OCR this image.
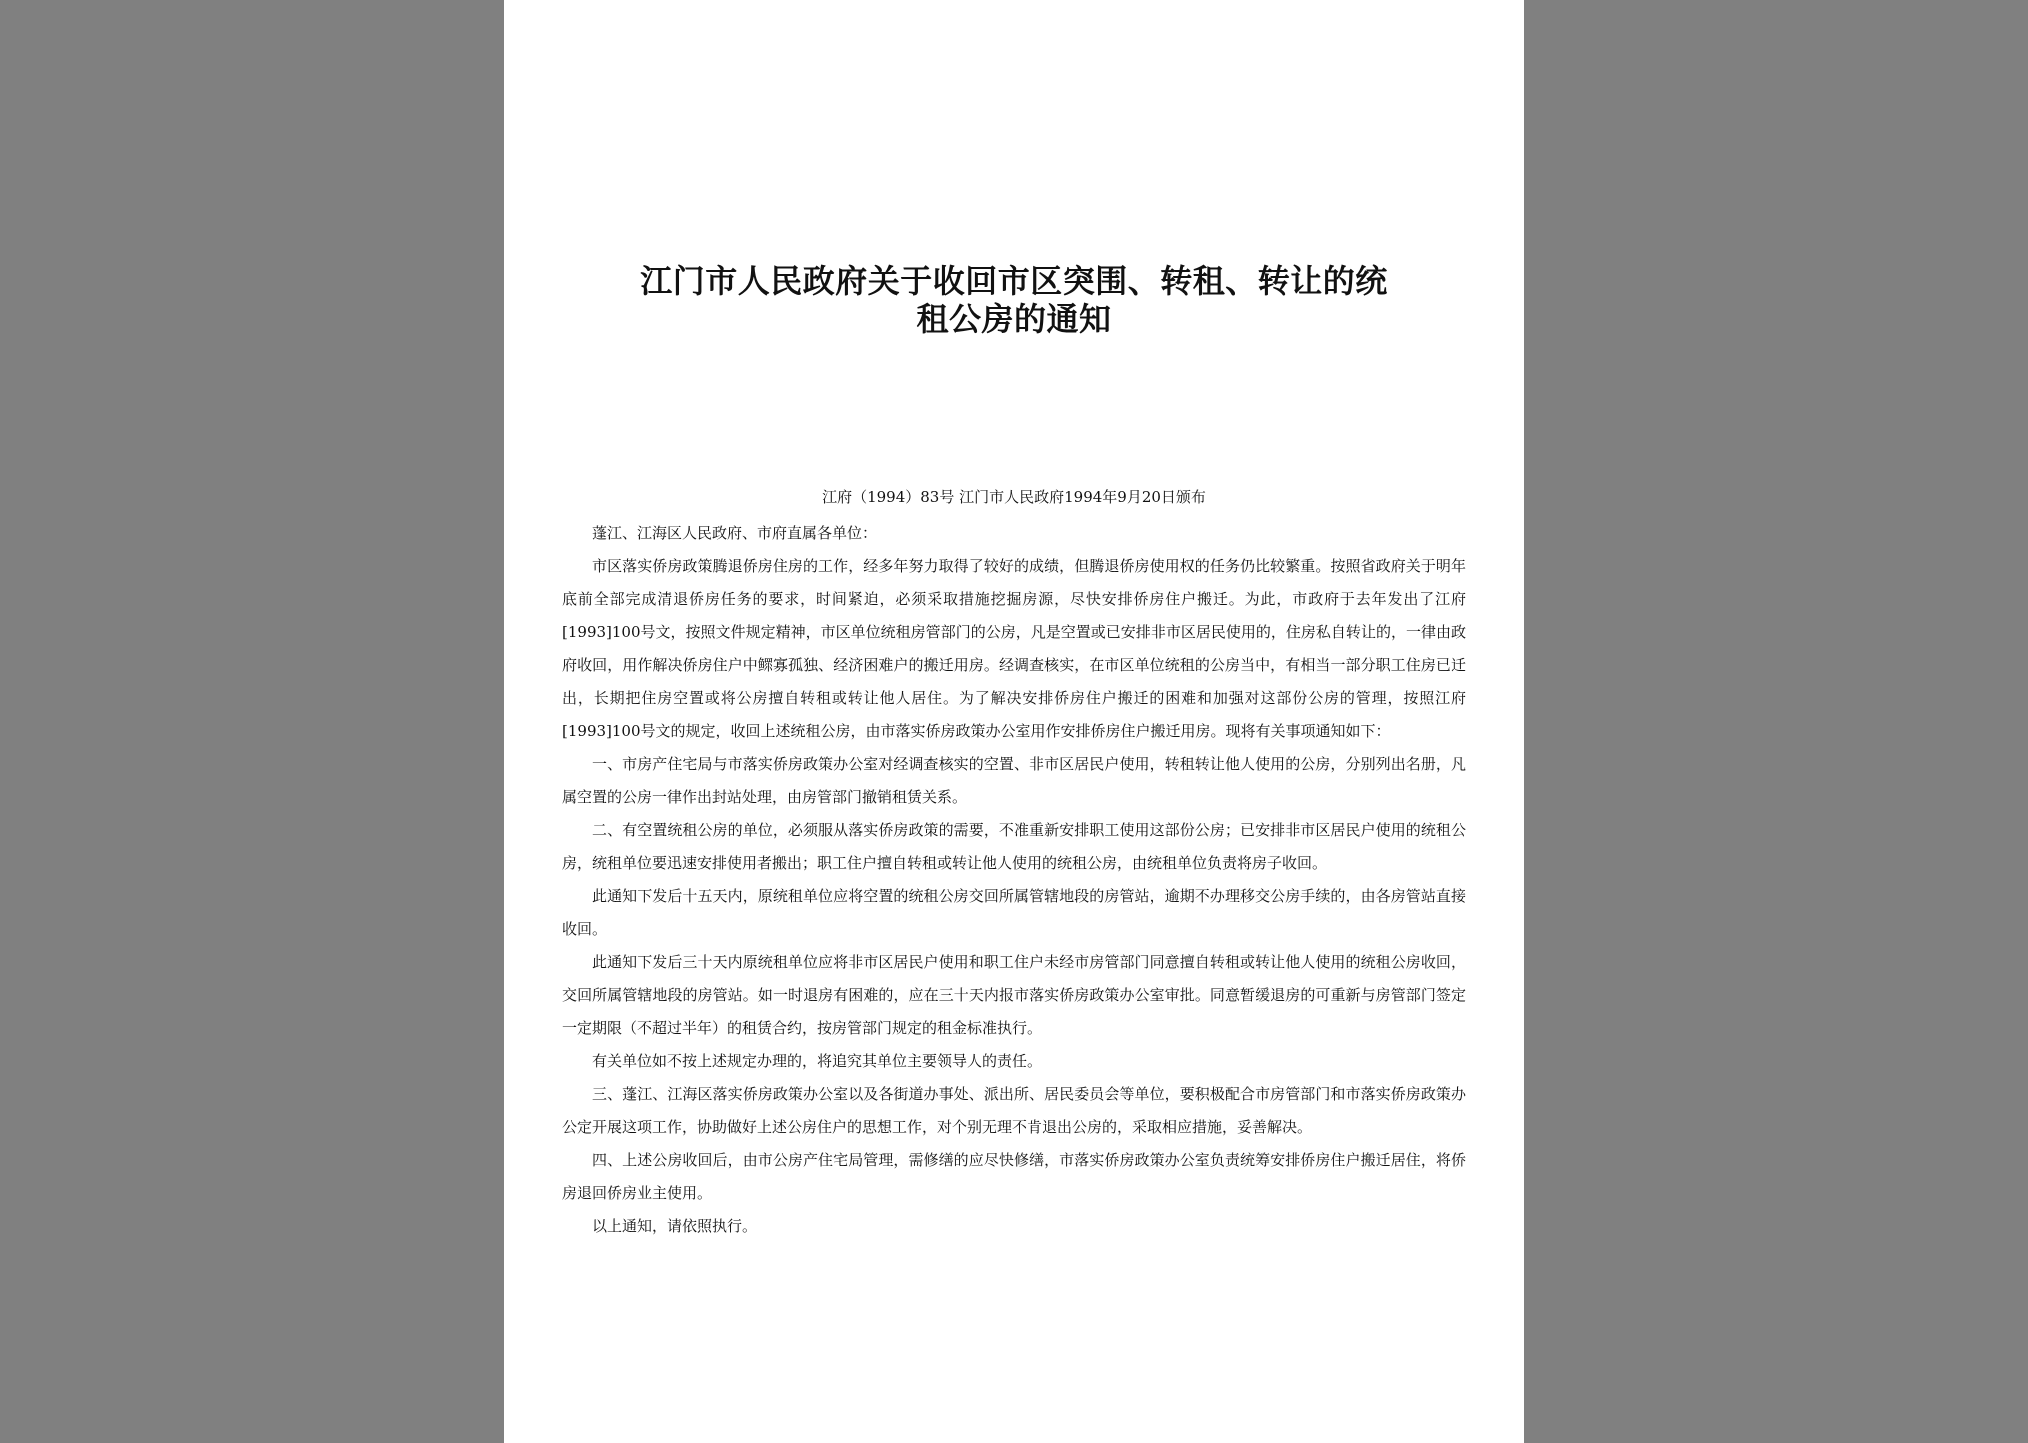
江门市人民政府关于收回市区突围、转租、转让的统
租公房的通知
江府（1994）83号 江门市人民政府1994年9月20日颁布

蓬江、江海区人民政府、市府直属各单位：

市区落实侨房政策腾退侨房住房的工作，经多年努力取得了较好的成绩，但腾退侨房使用权的任务仍比较繁重。按照省政府关于明年底前全部完成清退侨房任务的要求，时间紧迫，必须采取措施挖掘房源，尽快安排侨房住户搬迁。为此，市政府于去年发出了江府[1993]100号文，按照文件规定精神，市区单位统租房管部门的公房，凡是空置或已安排非市区居民使用的，住房私自转让的，一律由政府收回，用作解决侨房住户中鳏寡孤独、经济困难户的搬迁用房。经调查核实，在市区单位统租的公房当中，有相当一部分职工住房已迁出，长期把住房空置或将公房擅自转租或转让他人居住。为了解决安排侨房住户搬迁的困难和加强对这部份公房的管理，按照江府[1993]100号文的规定，收回上述统租公房，由市落实侨房政策办公室用作安排侨房住户搬迁用房。现将有关事项通知如下：

一、市房产住宅局与市落实侨房政策办公室对经调查核实的空置、非市区居民户使用，转租转让他人使用的公房，分别列出名册，凡属空置的公房一律作出封站处理，由房管部门撤销租赁关系。

二、有空置统租公房的单位，必须服从落实侨房政策的需要，不准重新安排职工使用这部份公房；已安排非市区居民户使用的统租公房，统租单位要迅速安排使用者搬出；职工住户擅自转租或转让他人使用的统租公房，由统租单位负责将房子收回。

此通知下发后十五天内，原统租单位应将空置的统租公房交回所属管辖地段的房管站，逾期不办理移交公房手续的，由各房管站直接收回。

此通知下发后三十天内原统租单位应将非市区居民户使用和职工住户未经市房管部门同意擅自转租或转让他人使用的统租公房收回，交回所属管辖地段的房管站。如一时退房有困难的，应在三十天内报市落实侨房政策办公室审批。同意暂缓退房的可重新与房管部门签定一定期限（不超过半年）的租赁合约，按房管部门规定的租金标准执行。

有关单位如不按上述规定办理的，将追究其单位主要领导人的责任。

三、蓬江、江海区落实侨房政策办公室以及各街道办事处、派出所、居民委员会等单位，要积极配合市房管部门和市落实侨房政策办公定开展这项工作，协助做好上述公房住户的思想工作，对个别无理不肯退出公房的，采取相应措施，妥善解决。

四、上述公房收回后，由市公房产住宅局管理，需修缮的应尽快修缮，市落实侨房政策办公室负责统筹安排侨房住户搬迁居住，将侨房退回侨房业主使用。

以上通知，请依照执行。
